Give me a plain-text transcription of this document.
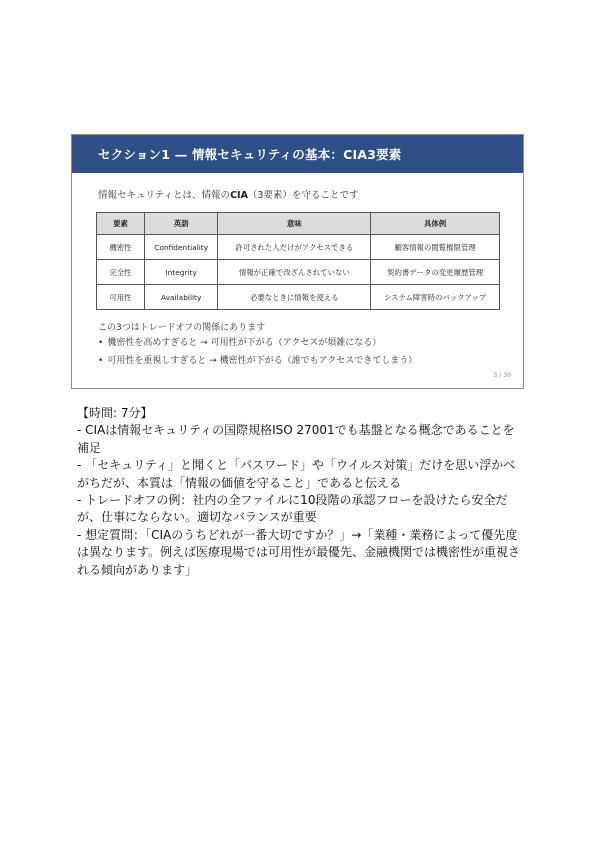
セクション1 — 情報セキュリティの基本：CIA3要素
情報セキュリティとは、情報のCIA（3要素）を守ることです
要素	英語	意味	具体例
機密性	Confidentiality	許可された人だけがアクセスできる	顧客情報の閲覧権限管理
完全性	Integrity	情報が正確で改ざんされていない	契約書データの変更履歴管理
可用性	Availability	必要なときに情報を使える	システム障害時のバックアップ
この3つはトレードオフの関係にあります
• 機密性を高めすぎると → 可用性が下がる（アクセスが煩雑になる）
• 可用性を重視しすぎると → 機密性が下がる（誰でもアクセスできてしまう）
5 / 30

【時間: 7分】

- CIAは情報セキュリティの国際規格ISO 27001でも基盤となる概念であることを補足

- 「セキュリティ」と聞くと「パスワード」や「ウイルス対策」だけを思い浮かべがちだが、本質は「情報の価値を守ること」であると伝える

- トレードオフの例：社内の全ファイルに10段階の承認フローを設けたら安全だが、仕事にならない。適切なバランスが重要

- 想定質問：「CIAのうちどれが一番大切ですか？」→「業種・業務によって優先度は異なります。例えば医療現場では可用性が最優先、金融機関では機密性が重視される傾向があります」
